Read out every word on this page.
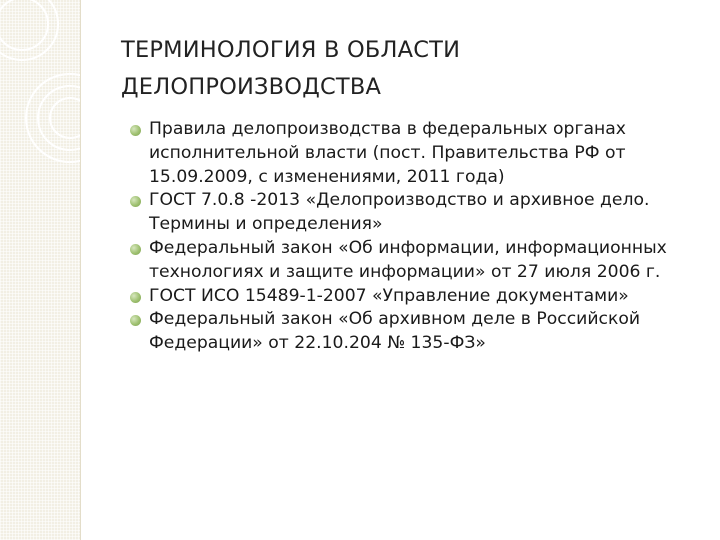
ТЕРМИНОЛОГИЯ В ОБЛАСТИ
ДЕЛОПРОИЗВОДСТВА
Правила делопроизводства в федеральных органах исполнительной власти (пост. Правительства РФ от 15.09.2009, с изменениями, 2011 года)
ГОСТ 7.0.8 -2013 «Делопроизводство и архивное дело. Термины и определения»
Федеральный закон «Об информации, информационных технологиях и защите информации» от 27 июля 2006 г.
ГОСТ ИСО 15489-1-2007 «Управление документами»
Федеральный закон «Об архивном деле в Российской Федерации» от 22.10.204 № 135-ФЗ»
